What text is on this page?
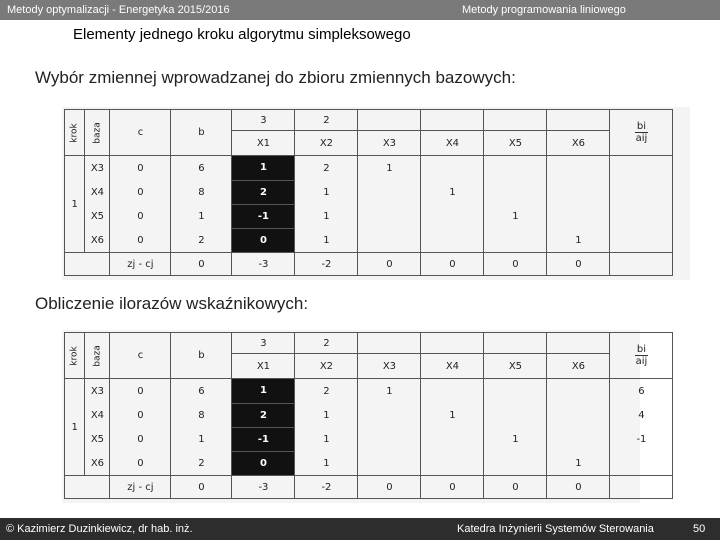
Metody optymalizacji - Energetyka 2015/2016	Metody programowania liniowego
Elementy jednego kroku algorytmu simpleksowego
Wybór zmiennej wprowadzanej do zbioru zmiennych bazowych:
krok	baza	c	b	3	2					bi
aij
				X1	X2	X3	X4	X5	X6	
1	X3	0	6	1	2	1				
	X4	0	8	2	1		1			
	X5	0	1	-1	1			1		
	X6	0	2	0	1				1	
		zj - cj	0	-3	-2	0	0	0	0	
Obliczenie ilorazów wskaźnikowych:
krok	baza	c	b	3	2					bi
aij
				X1	X2	X3	X4	X5	X6	
1	X3	0	6	1	2	1				6
	X4	0	8	2	1		1			4
	X5	0	1	-1	1			1		-1
	X6	0	2	0	1				1	
		zj - cj	0	-3	-2	0	0	0	0	
© Kazimierz Duzinkiewicz, dr hab. inż.	Katedra Inżynierii Systemów Sterowania	50
